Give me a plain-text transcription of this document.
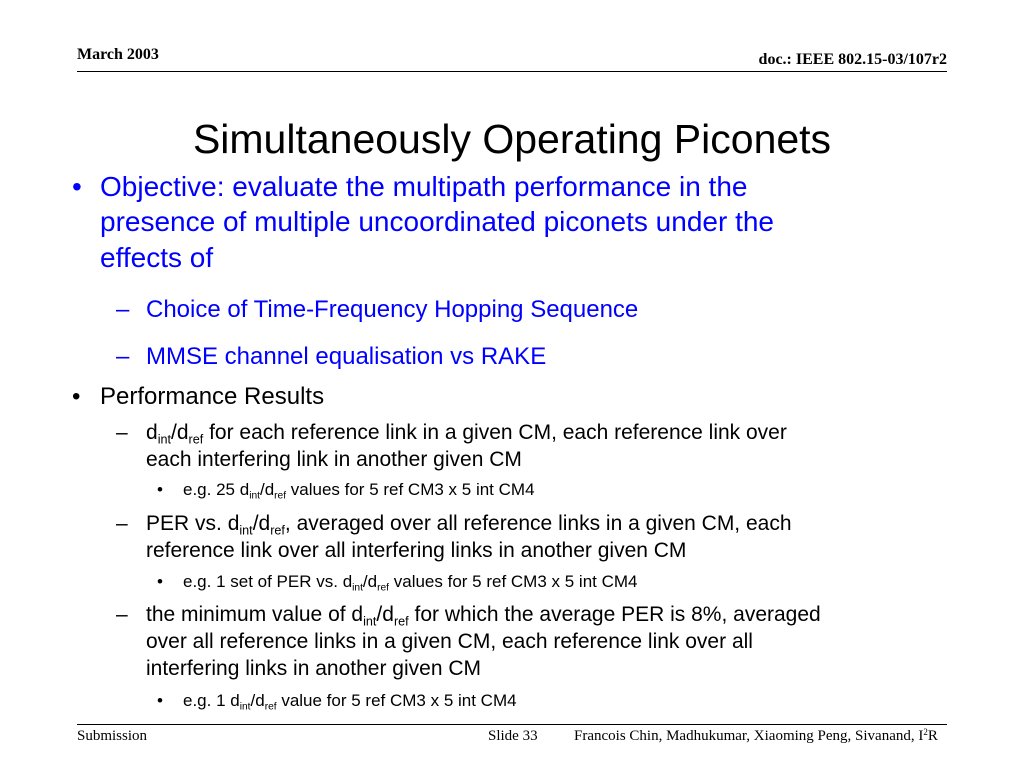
March 2003	doc.: IEEE 802.15-03/107r2
Simultaneously Operating Piconets
• Objective: evaluate the multipath performance in the
presence of multiple uncoordinated piconets under the
effects of
– Choice of Time-Frequency Hopping Sequence
– MMSE channel equalisation vs RAKE
• Performance Results
– $d_{int}/d_{ref}$ for each reference link in a given CM, each reference link over
each interfering link in another given CM
• e.g. 25 $d_{int}/d_{ref}$ values for 5 ref CM3 x 5 int CM4
– PER vs. $d_{int}/d_{ref}$, averaged over all reference links in a given CM, each
reference link over all interfering links in another given CM
• e.g. 1 set of PER vs. $d_{int}/d_{ref}$ values for 5 ref CM3 x 5 int CM4
– the minimum value of $d_{int}/d_{ref}$ for which the average PER is 8%, averaged
over all reference links in a given CM, each reference link over all
interfering links in another given CM
• e.g. 1 $d_{int}/d_{ref}$ value for 5 ref CM3 x 5 int CM4
Submission	Slide 33 Francois Chin, Madhukumar, Xiaoming Peng, Sivanand, $I^2R$
